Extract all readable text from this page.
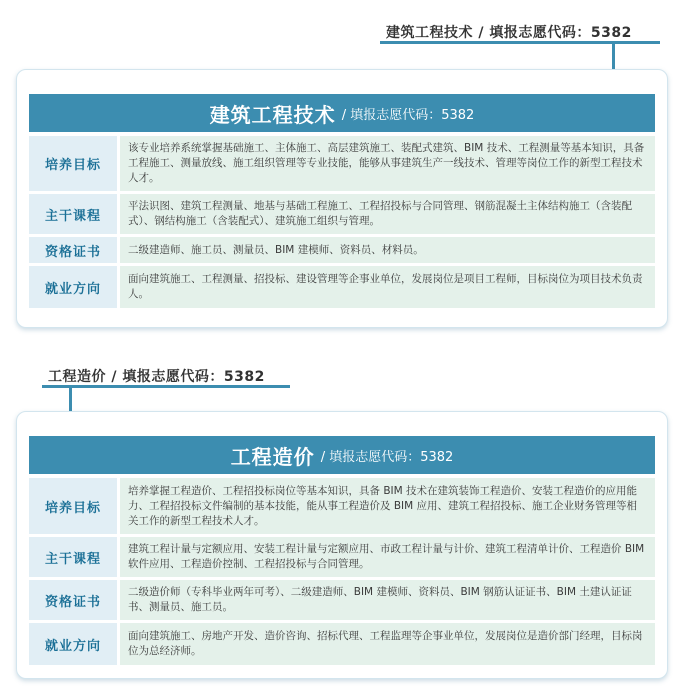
建筑工程技术 / 填报志愿代码：5382
建筑工程技术 / 填报志愿代码：5382
培养目标
该专业培养系统掌握基础施工、主体施工、高层建筑施工、装配式建筑、BIM 技术、工程测量等基本知识，具备工程施工、测量放线、施工组织管理等专业技能，能够从事建筑生产一线技术、管理等岗位工作的新型工程技术人才。
主干课程
平法识图、建筑工程测量、地基与基础工程施工、工程招投标与合同管理、钢筋混凝土主体结构施工（含装配式）、钢结构施工（含装配式）、建筑施工组织与管理。
资格证书	二级建造师、施工员、测量员、BIM 建模师、资料员、材料员。
就业方向
面向建筑施工、工程测量、招投标、建设管理等企事业单位，发展岗位是项目工程师，目标岗位为项目技术负责人。
工程造价 / 填报志愿代码：5382
工程造价 / 填报志愿代码：5382
培养目标
培养掌握工程造价、工程招投标岗位等基本知识，具备 BIM 技术在建筑装饰工程造价、安装工程造价的应用能力、工程招投标文件编制的基本技能，能从事工程造价及 BIM 应用、建筑工程招投标、施工企业财务管理等相关工作的新型工程技术人才。
主干课程
建筑工程计量与定额应用、安装工程计量与定额应用、市政工程计量与计价、建筑工程清单计价、工程造价 BIM 软件应用、工程造价控制、工程招投标与合同管理。
资格证书
二级造价师（专科毕业两年可考）、二级建造师、BIM 建模师、资料员、BIM 钢筋认证证书、BIM 土建认证证书、测量员、施工员。
就业方向
面向建筑施工、房地产开发、造价咨询、招标代理、工程监理等企事业单位，发展岗位是造价部门经理，目标岗位为总经济师。
